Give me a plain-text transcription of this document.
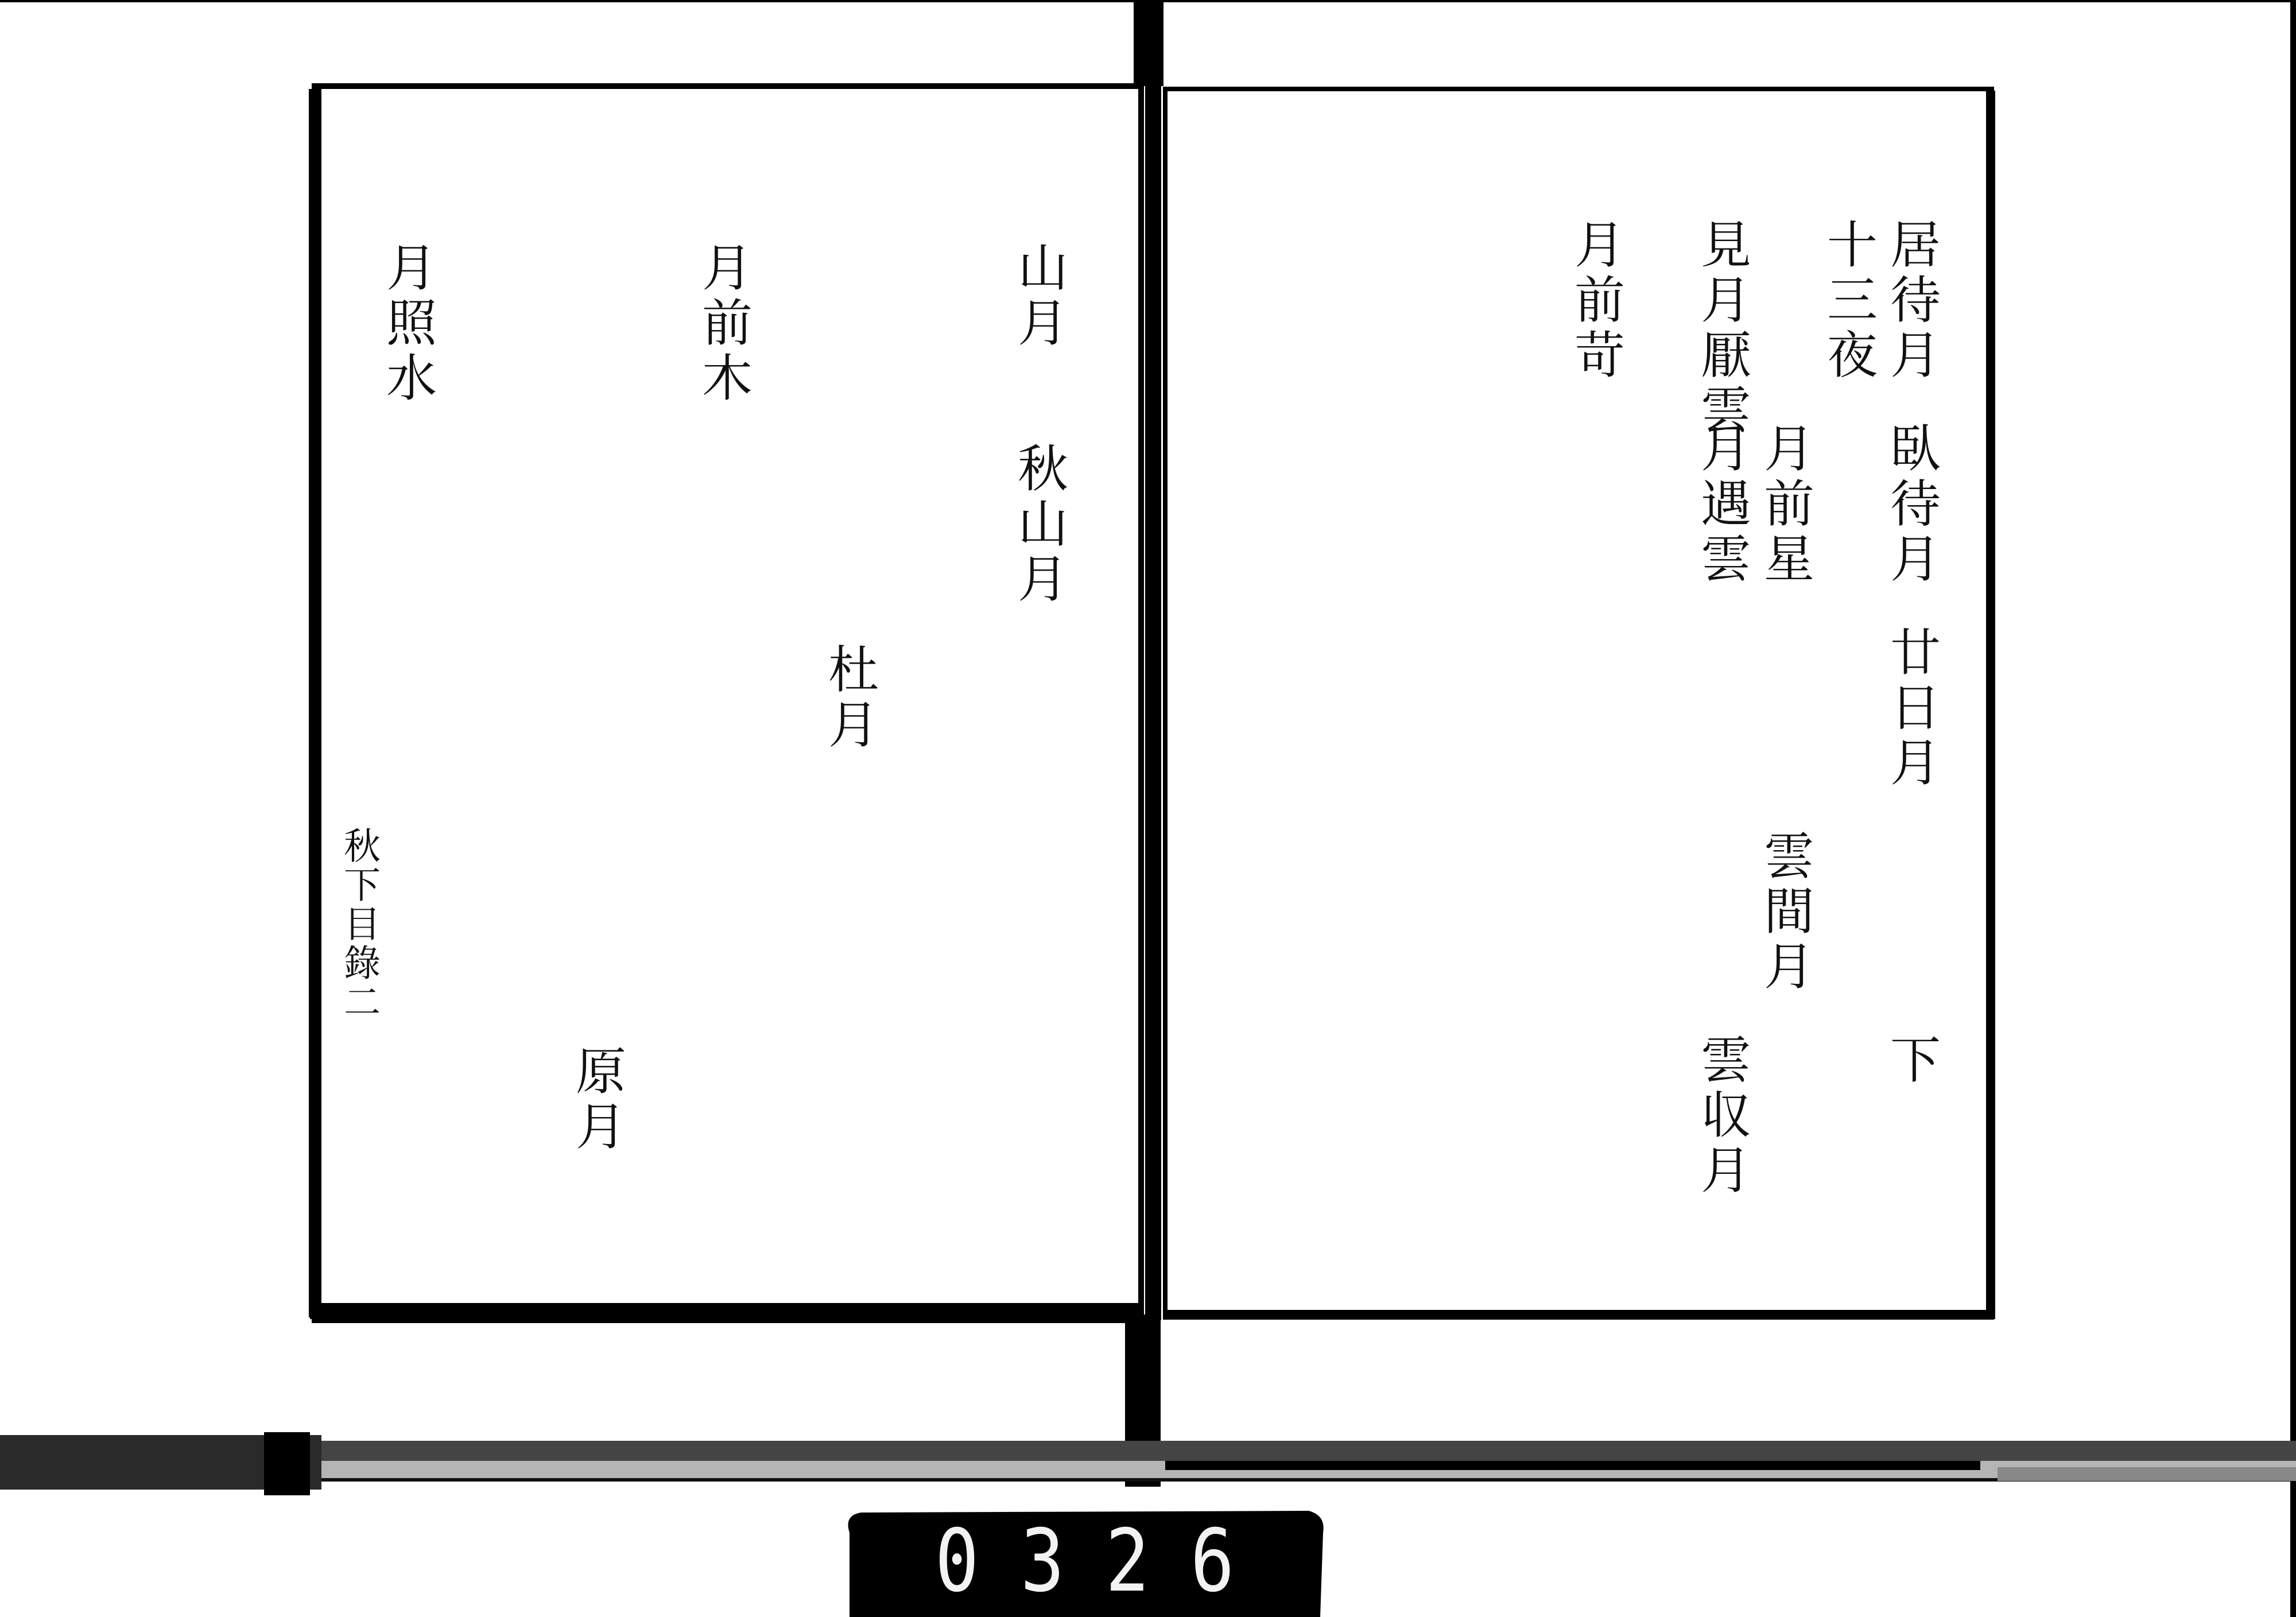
居待月
臥待月
廿日月
下
十三夜
月前星
雲間月
見月厭雲
月遇雲
雲収月
月前苛
山月
秋山月
杜月
月前木
原月
月照水
秋下目錄二
0 3 2 6
